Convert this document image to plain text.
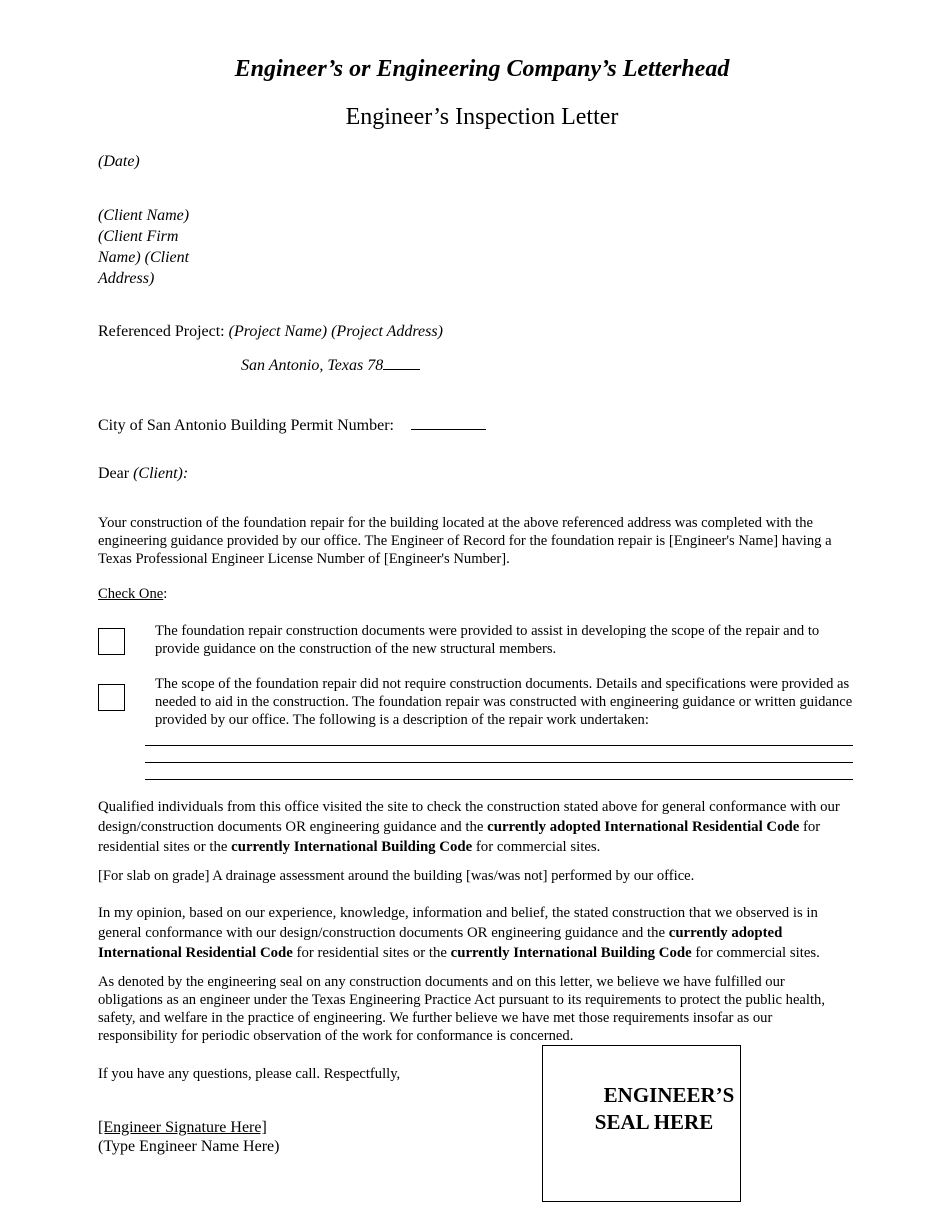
Engineer’s or Engineering Company’s Letterhead
Engineer’s Inspection Letter
(Date)
(Client Name)
(Client Firm
Name) (Client
Address)
Referenced Project: (Project Name) (Project Address)
San Antonio, Texas 78
City of San Antonio Building Permit Number:
Dear (Client):
Your construction of the foundation repair for the building located at the above referenced address was completed with the engineering guidance provided by our office. The Engineer of Record for the foundation repair is [Engineer's Name] having a Texas Professional Engineer License Number of [Engineer's Number].
Check One:
The foundation repair construction documents were provided to assist in developing the scope of the repair and to provide guidance on the construction of the new structural members.
The scope of the foundation repair did not require construction documents. Details and specifications were provided as needed to aid in the construction. The foundation repair was constructed with engineering guidance or written guidance provided by our office. The following is a description of the repair work undertaken:
Qualified individuals from this office visited the site to check the construction stated above for general conformance with our design/construction documents OR engineering guidance and the currently adopted International Residential Code for residential sites or the currently International Building Code for commercial sites.
[For slab on grade] A drainage assessment around the building [was/was not] performed by our office.
In my opinion, based on our experience, knowledge, information and belief, the stated construction that we observed is in general conformance with our design/construction documents OR engineering guidance and the currently adopted International Residential Code for residential sites or the currently International Building Code for commercial sites.
As denoted by the engineering seal on any construction documents and on this letter, we believe we have fulfilled our obligations as an engineer under the Texas Engineering Practice Act pursuant to its requirements to protect the public health, safety, and welfare in the practice of engineering. We further believe we have met those requirements insofar as our responsibility for periodic observation of the work for conformance is concerned.
If you have any questions, please call. Respectfully,
[Engineer Signature Here]
(Type Engineer Name Here)
ENGINEER’S
SEAL HERE
